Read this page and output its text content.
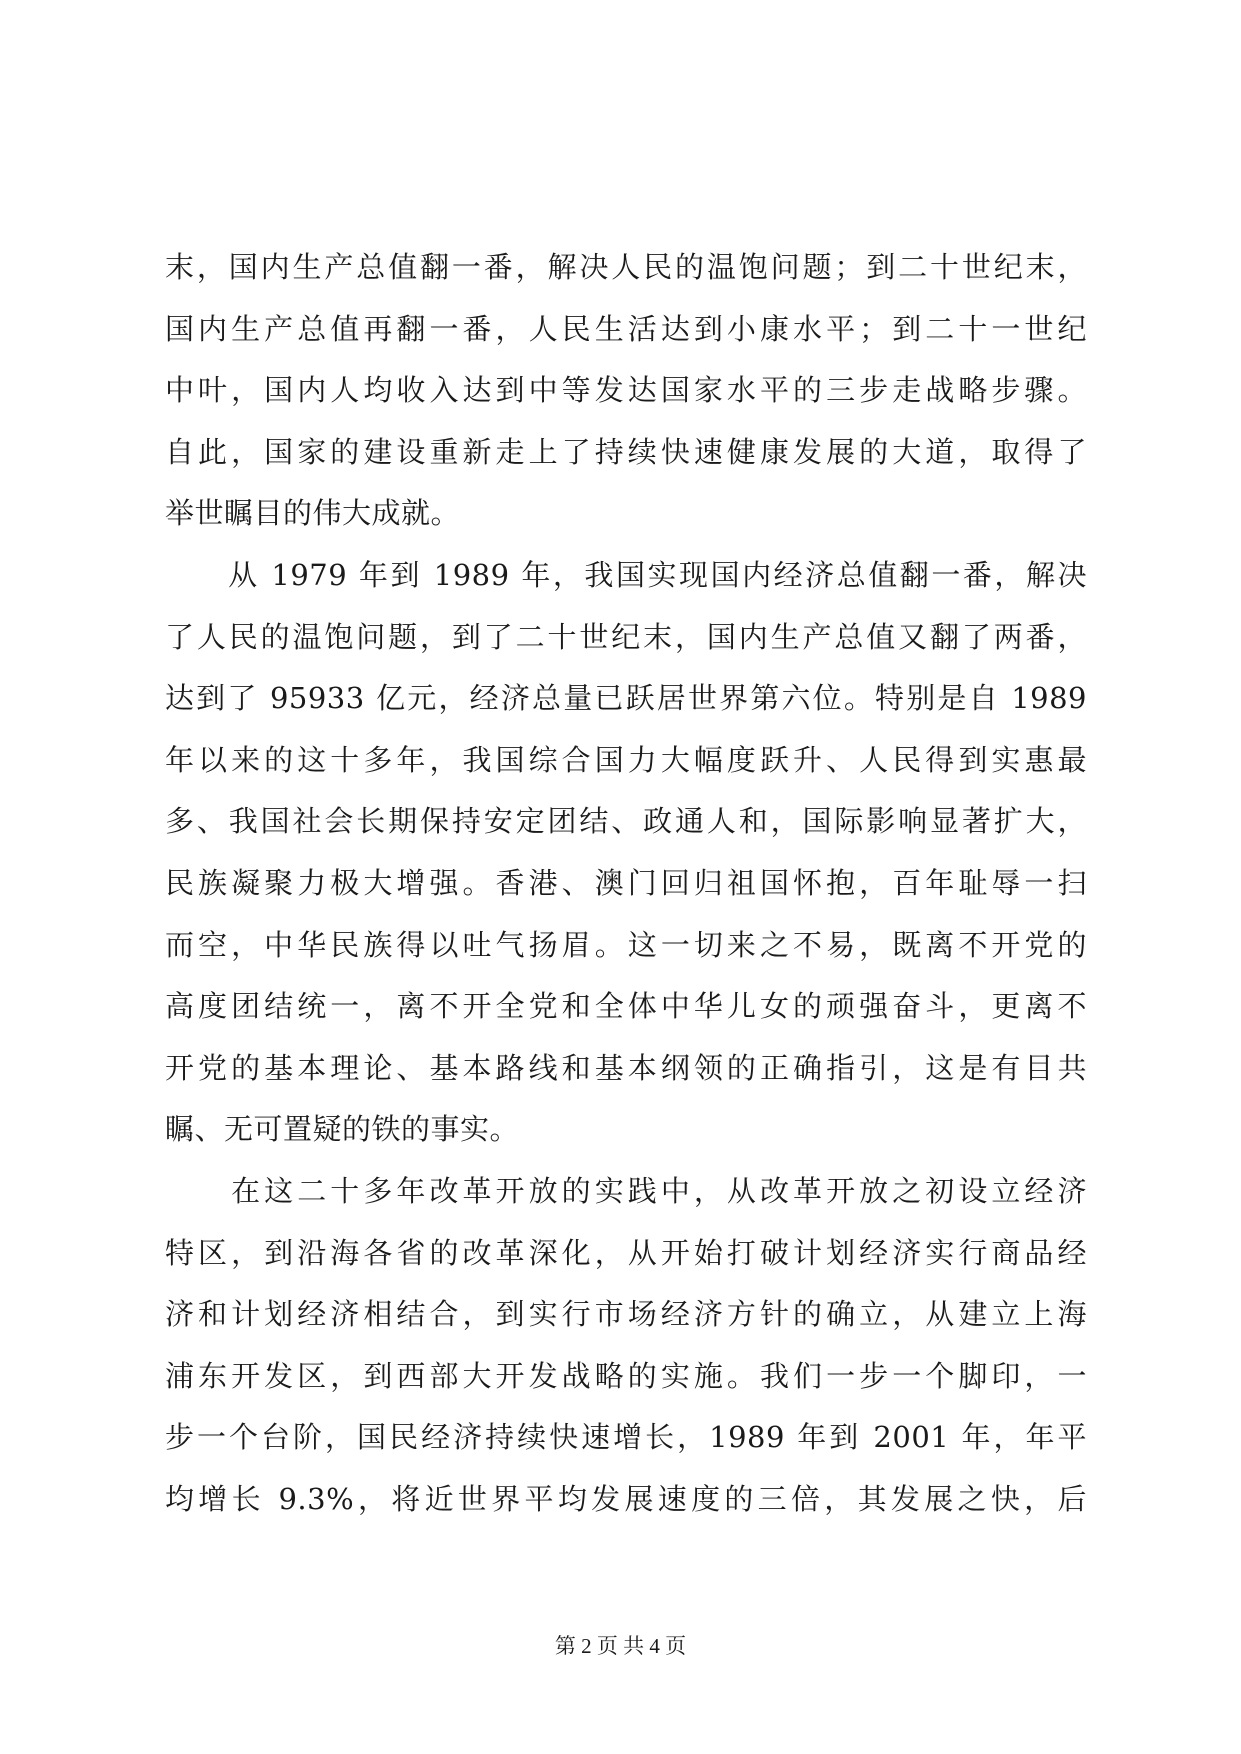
末，国内生产总值翻一番，解决人民的温饱问题；到二十世纪末，
国内生产总值再翻一番，人民生活达到小康水平；到二十一世纪
中叶，国内人均收入达到中等发达国家水平的三步走战略步骤。
自此，国家的建设重新走上了持续快速健康发展的大道，取得了
举世瞩目的伟大成就。
　　从 1979 年到 1989 年，我国实现国内经济总值翻一番，解决
了人民的温饱问题，到了二十世纪末，国内生产总值又翻了两番，
达到了 95933 亿元，经济总量已跃居世界第六位。特别是自 1989
年以来的这十多年，我国综合国力大幅度跃升、人民得到实惠最
多、我国社会长期保持安定团结、政通人和，国际影响显著扩大，
民族凝聚力极大增强。香港、澳门回归祖国怀抱，百年耻辱一扫
而空，中华民族得以吐气扬眉。这一切来之不易，既离不开党的
高度团结统一，离不开全党和全体中华儿女的顽强奋斗，更离不
开党的基本理论、基本路线和基本纲领的正确指引，这是有目共
瞩、无可置疑的铁的事实。
　　在这二十多年改革开放的实践中，从改革开放之初设立经济
特区，到沿海各省的改革深化，从开始打破计划经济实行商品经
济和计划经济相结合，到实行市场经济方针的确立，从建立上海
浦东开发区，到西部大开发战略的实施。我们一步一个脚印，一
步一个台阶，国民经济持续快速增长，1989 年到 2001 年，年平
均增长 9.3%，将近世界平均发展速度的三倍，其发展之快，后
第 2 页 共 4 页
